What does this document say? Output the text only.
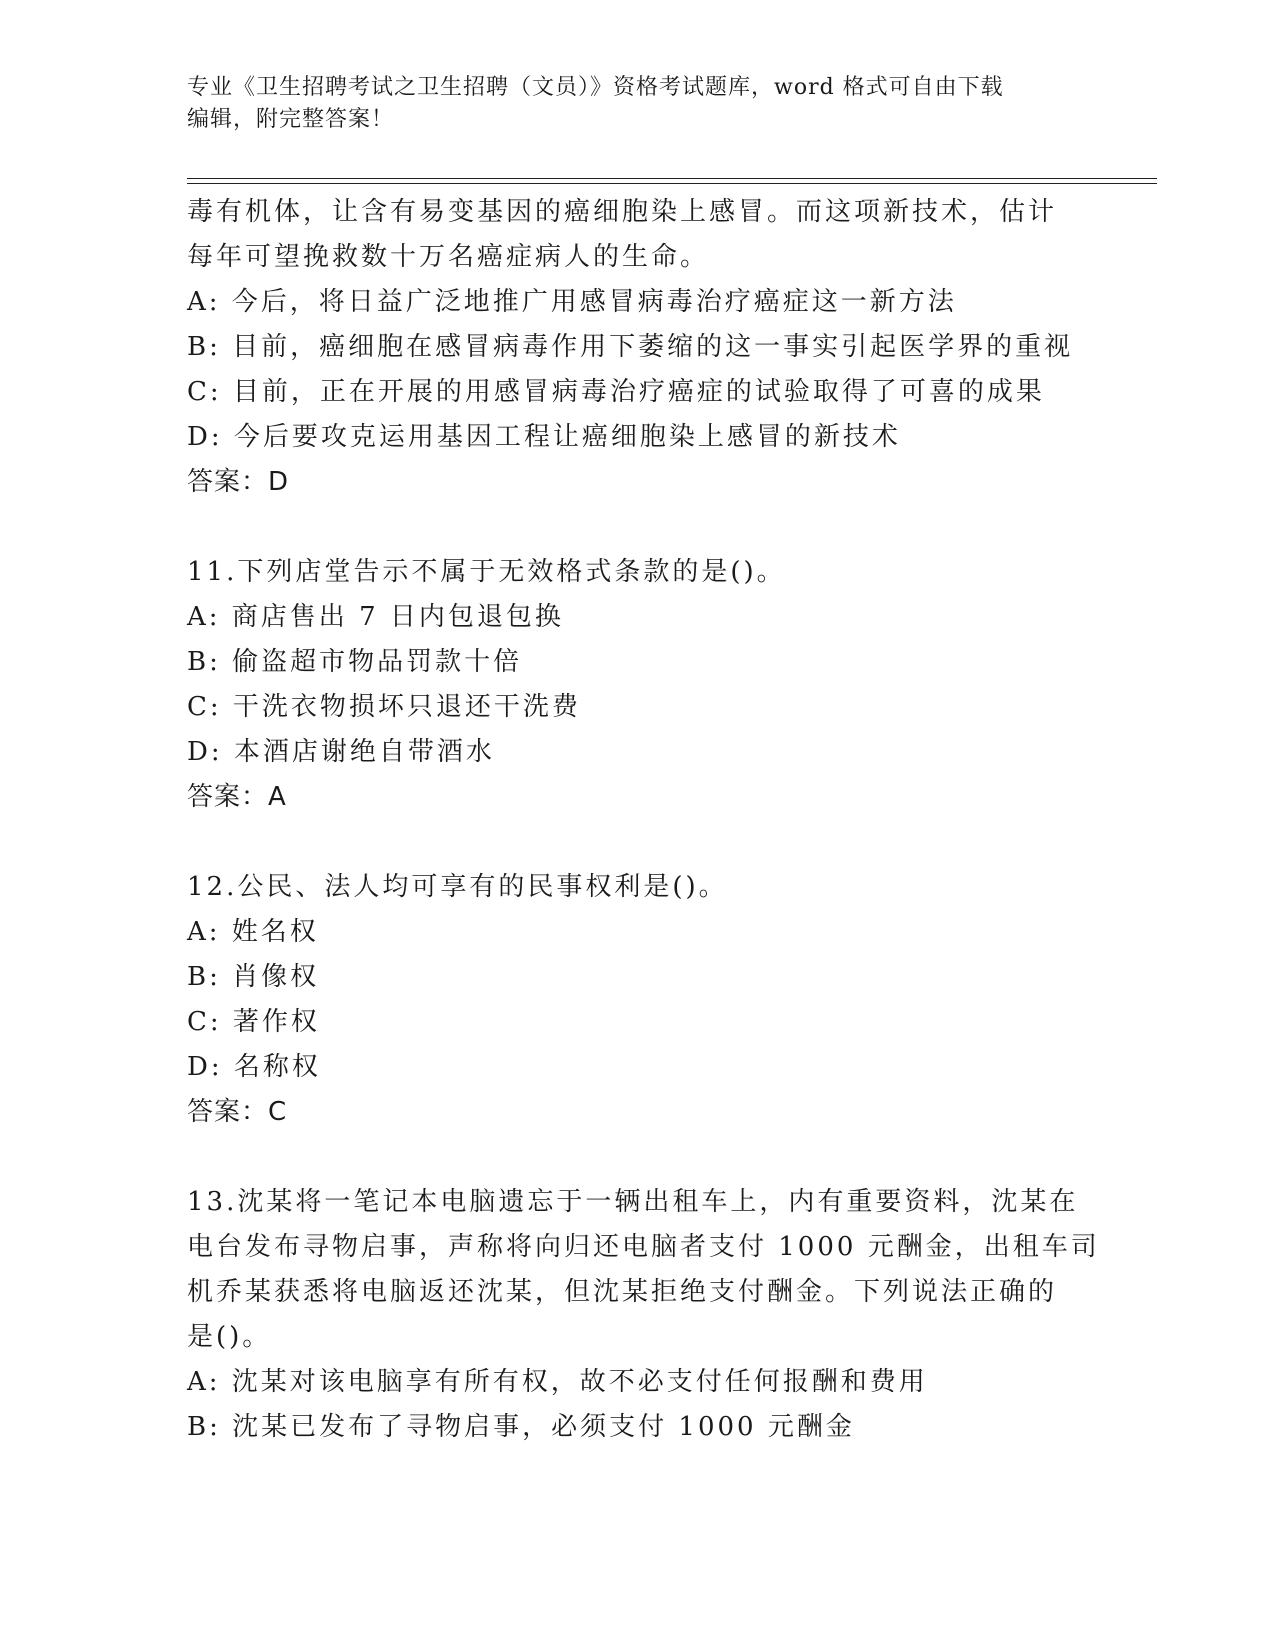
专业《卫生招聘考试之卫生招聘（文员）》资格考试题库，word 格式可自由下载
编辑，附完整答案！
毒有机体，让含有易变基因的癌细胞染上感冒。而这项新技术，估计
每年可望挽救数十万名癌症病人的生命。
A: 今后，将日益广泛地推广用感冒病毒治疗癌症这一新方法
B: 目前，癌细胞在感冒病毒作用下萎缩的这一事实引起医学界的重视
C: 目前，正在开展的用感冒病毒治疗癌症的试验取得了可喜的成果
D: 今后要攻克运用基因工程让癌细胞染上感冒的新技术
答案：D
11.下列店堂告示不属于无效格式条款的是()。
A: 商店售出 7 日内包退包换
B: 偷盗超市物品罚款十倍
C: 干洗衣物损坏只退还干洗费
D: 本酒店谢绝自带酒水
答案：A
12.公民、法人均可享有的民事权利是()。
A: 姓名权
B: 肖像权
C: 著作权
D: 名称权
答案：C
13.沈某将一笔记本电脑遗忘于一辆出租车上，内有重要资料，沈某在
电台发布寻物启事，声称将向归还电脑者支付 1000 元酬金，出租车司
机乔某获悉将电脑返还沈某，但沈某拒绝支付酬金。下列说法正确的
是()。
A: 沈某对该电脑享有所有权，故不必支付任何报酬和费用
B: 沈某已发布了寻物启事，必须支付 1000 元酬金
